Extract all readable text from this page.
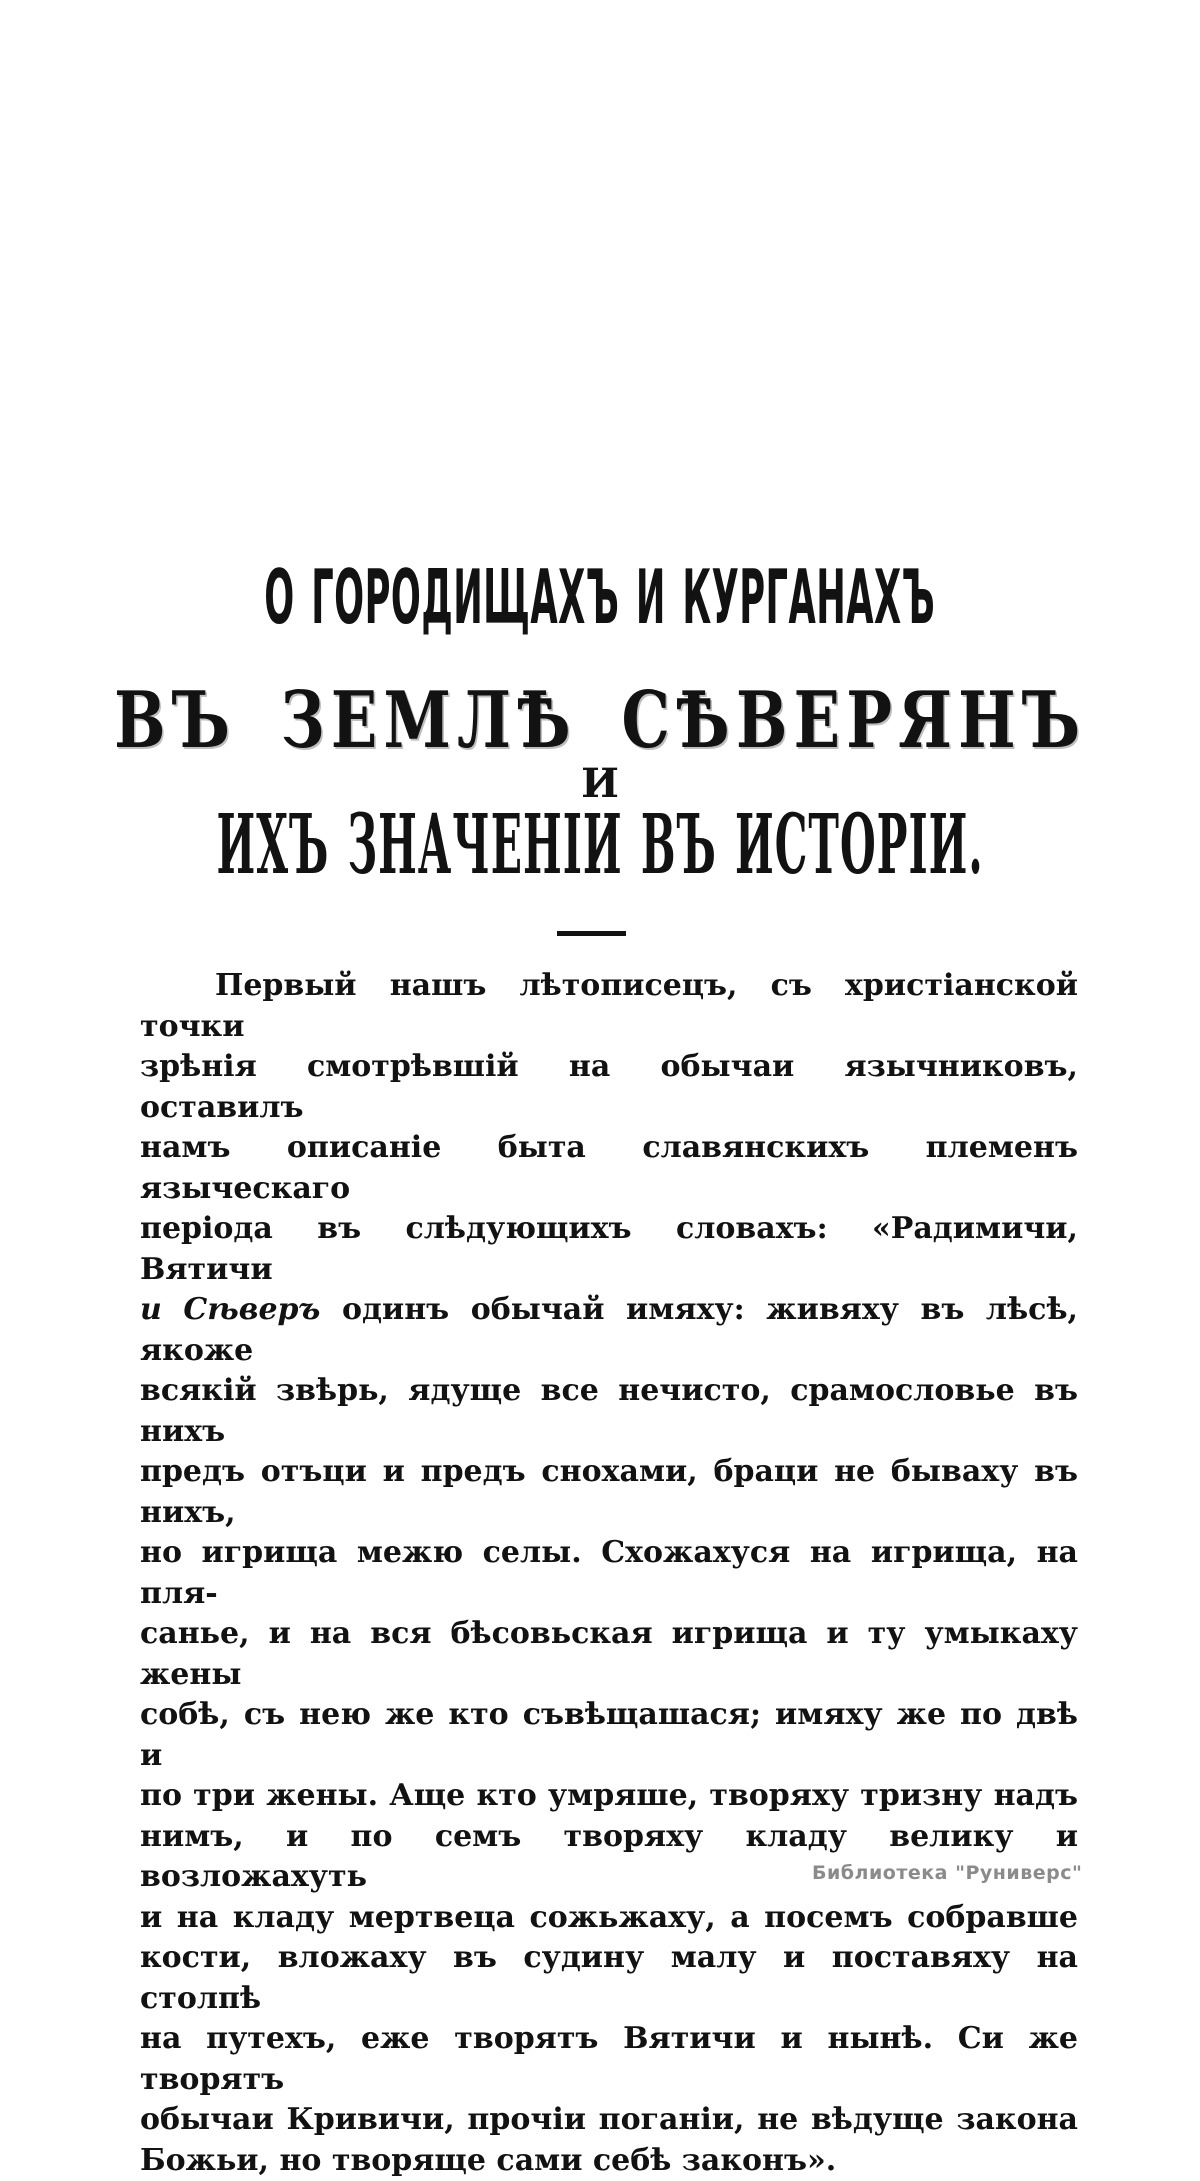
О ГОРОДИЩАХЪ И КУРГАНАХЪ
ВЪ ЗЕМЛѢ СѢВЕРЯНЪ
И
ИХЪ ЗНАЧЕНІИ ВЪ ИСТОРІИ.
Первый нашъ лѣтописецъ, съ христіанской точки
зрѣнія смотрѣвшій на обычаи язычниковъ, оставилъ
намъ описаніе быта славянскихъ племенъ языческаго
періода въ слѣдующихъ словахъ: «Радимичи, Вятичи
и Сѣверъ одинъ обычай имяху: живяху въ лѣсѣ, якоже
всякій звѣрь, ядуще все нечисто, срамословье въ нихъ
предъ отъци и предъ снохами, браци не бываху въ нихъ,
но игрища межю селы. Схожахуся на игрища, на пля-
санье, и на вся бѣсовьская игрища и ту умыкаху жены
собѣ, съ нею же кто съвѣщашася; имяху же по двѣ и
по три жены. Аще кто умряше, творяху тризну надъ
нимъ, и по семъ творяху кладу велику и возложахуть
и на кладу мертвеца сожьжаху, а посемъ собравше
кости, вложаху въ судину малу и поставяху на столпѣ
на путехъ, еже творятъ Вятичи и нынѣ. Си же творятъ
обычаи Кривичи, прочіи поганіи, не вѣдуще закона
Божьи, но творяще сами себѣ законъ».
Библиотека "Руниверс"
